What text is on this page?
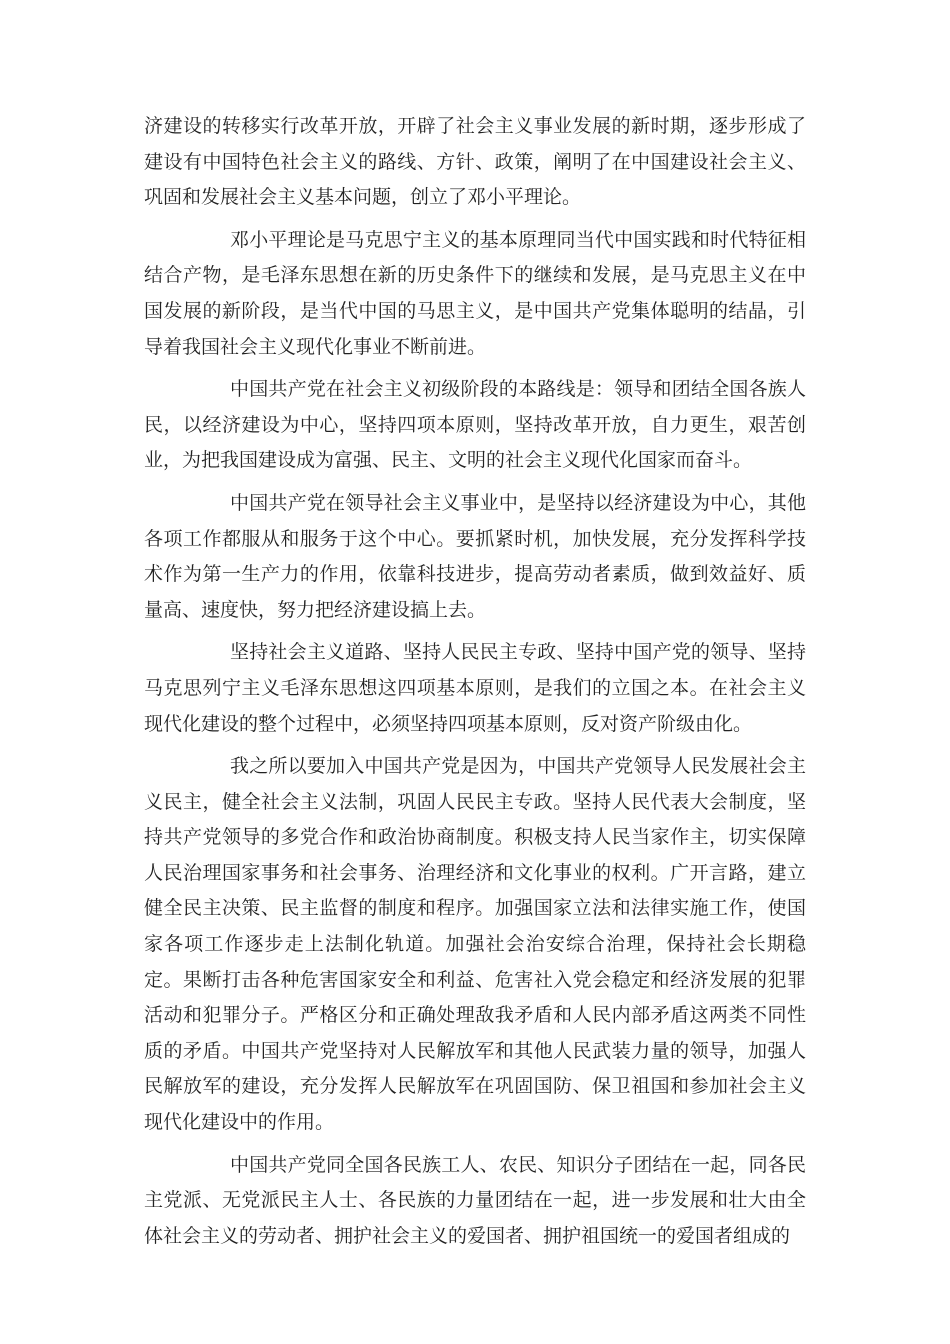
济建设的转移实行改革开放，开辟了社会主义事业发展的新时期，逐步形成了建设有中国特色社会主义的路线、方针、政策，阐明了在中国建设社会主义、巩固和发展社会主义基本问题，创立了邓小平理论。

邓小平理论是马克思宁主义的基本原理同当代中国实践和时代特征相结合产物，是毛泽东思想在新的历史条件下的继续和发展，是马克思主义在中国发展的新阶段，是当代中国的马思主义，是中国共产党集体聪明的结晶，引导着我国社会主义现代化事业不断前进。

中国共产党在社会主义初级阶段的本路线是：领导和团结全国各族人民，以经济建设为中心，坚持四项本原则，坚持改革开放，自力更生，艰苦创业，为把我国建设成为富强、民主、文明的社会主义现代化国家而奋斗。

中国共产党在领导社会主义事业中，是坚持以经济建设为中心，其他各项工作都服从和服务于这个中心。要抓紧时机，加快发展，充分发挥科学技术作为第一生产力的作用，依靠科技进步，提高劳动者素质，做到效益好、质量高、速度快，努力把经济建设搞上去。

坚持社会主义道路、坚持人民民主专政、坚持中国产党的领导、坚持马克思列宁主义毛泽东思想这四项基本原则，是我们的立国之本。在社会主义现代化建设的整个过程中，必须坚持四项基本原则，反对资产阶级由化。

我之所以要加入中国共产党是因为，中国共产党领导人民发展社会主义民主，健全社会主义法制，巩固人民民主专政。坚持人民代表大会制度，坚持共产党领导的多党合作和政治协商制度。积极支持人民当家作主，切实保障人民治理国家事务和社会事务、治理经济和文化事业的权利。广开言路，建立健全民主决策、民主监督的制度和程序。加强国家立法和法律实施工作，使国家各项工作逐步走上法制化轨道。加强社会治安综合治理，保持社会长期稳定。果断打击各种危害国家安全和利益、危害社入党会稳定和经济发展的犯罪活动和犯罪分子。严格区分和正确处理敌我矛盾和人民内部矛盾这两类不同性质的矛盾。中国共产党坚持对人民解放军和其他人民武装力量的领导，加强人民解放军的建设，充分发挥人民解放军在巩固国防、保卫祖国和参加社会主义现代化建设中的作用。

中国共产党同全国各民族工人、农民、知识分子团结在一起，同各民主党派、无党派民主人士、各民族的力量团结在一起，进一步发展和壮大由全体社会主义的劳动者、拥护社会主义的爱国者、拥护祖国统一的爱国者组成的
